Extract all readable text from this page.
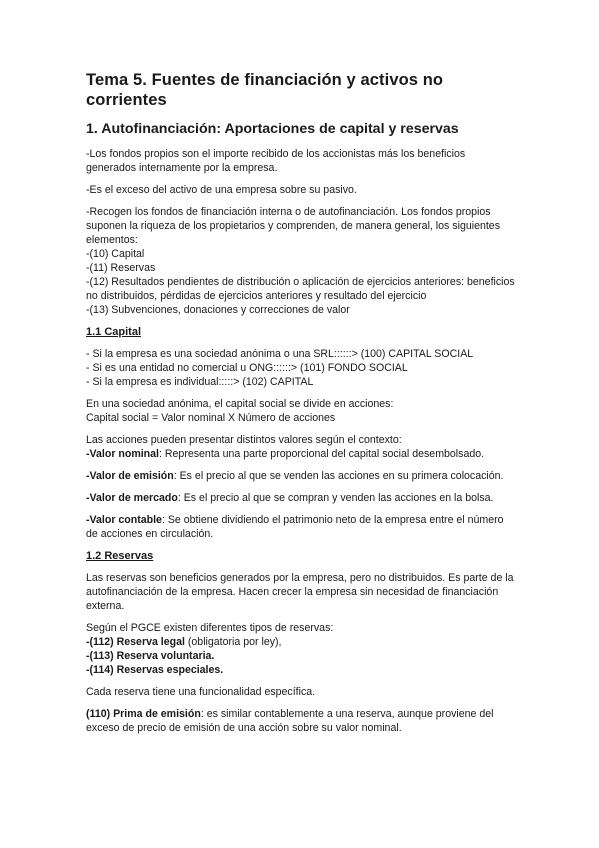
Tema 5. Fuentes de financiación y activos no corrientes
1. Autofinanciación: Aportaciones de capital y reservas

-Los fondos propios son el importe recibido de los accionistas más los beneficios generados internamente por la empresa.

-Es el exceso del activo de una empresa sobre su pasivo.

-Recogen los fondos de financiación interna o de autofinanciación. Los fondos propios suponen la riqueza de los propietarios y comprenden, de manera general, los siguientes elementos:

-(10) Capital
-(11) Reservas
-(12) Resultados pendientes de distribución o aplicación de ejercicios anteriores: beneficios no distribuidos, pérdidas de ejercicios anteriores y resultado del ejercicio
-(13) Subvenciones, donaciones y correcciones de valor
1.1 Capital
- Si la empresa es una sociedad anónima o una SRL::::::> (100) CAPITAL SOCIAL
- Si es una entidad no comercial u ONG::::::> (101) FONDO SOCIAL
- Si la empresa es individual:::::> (102) CAPITAL
En una sociedad anónima, el capital social se divide en acciones:
Capital social = Valor nominal X Número de acciones
Las acciones pueden presentar distintos valores según el contexto:
-Valor nominal: Representa una parte proporcional del capital social desembolsado.

-Valor de emisión: Es el precio al que se venden las acciones en su primera colocación.

-Valor de mercado: Es el precio al que se compran y venden las acciones en la bolsa.

-Valor contable: Se obtiene dividiendo el patrimonio neto de la empresa entre el número de acciones en circulación.

1.2 Reservas

Las reservas son beneficios generados por la empresa, pero no distribuidos. Es parte de la autofinanciación de la empresa. Hacen crecer la empresa sin necesidad de financiación externa.

Según el PGCE existen diferentes tipos de reservas:
-(112) Reserva legal (obligatoria por ley),
-(113) Reserva voluntaria.
-(114) Reservas especiales.

Cada reserva tiene una funcionalidad específica.

(110) Prima de emisión: es similar contablemente a una reserva, aunque proviene del exceso de precio de emisión de una acción sobre su valor nominal.
